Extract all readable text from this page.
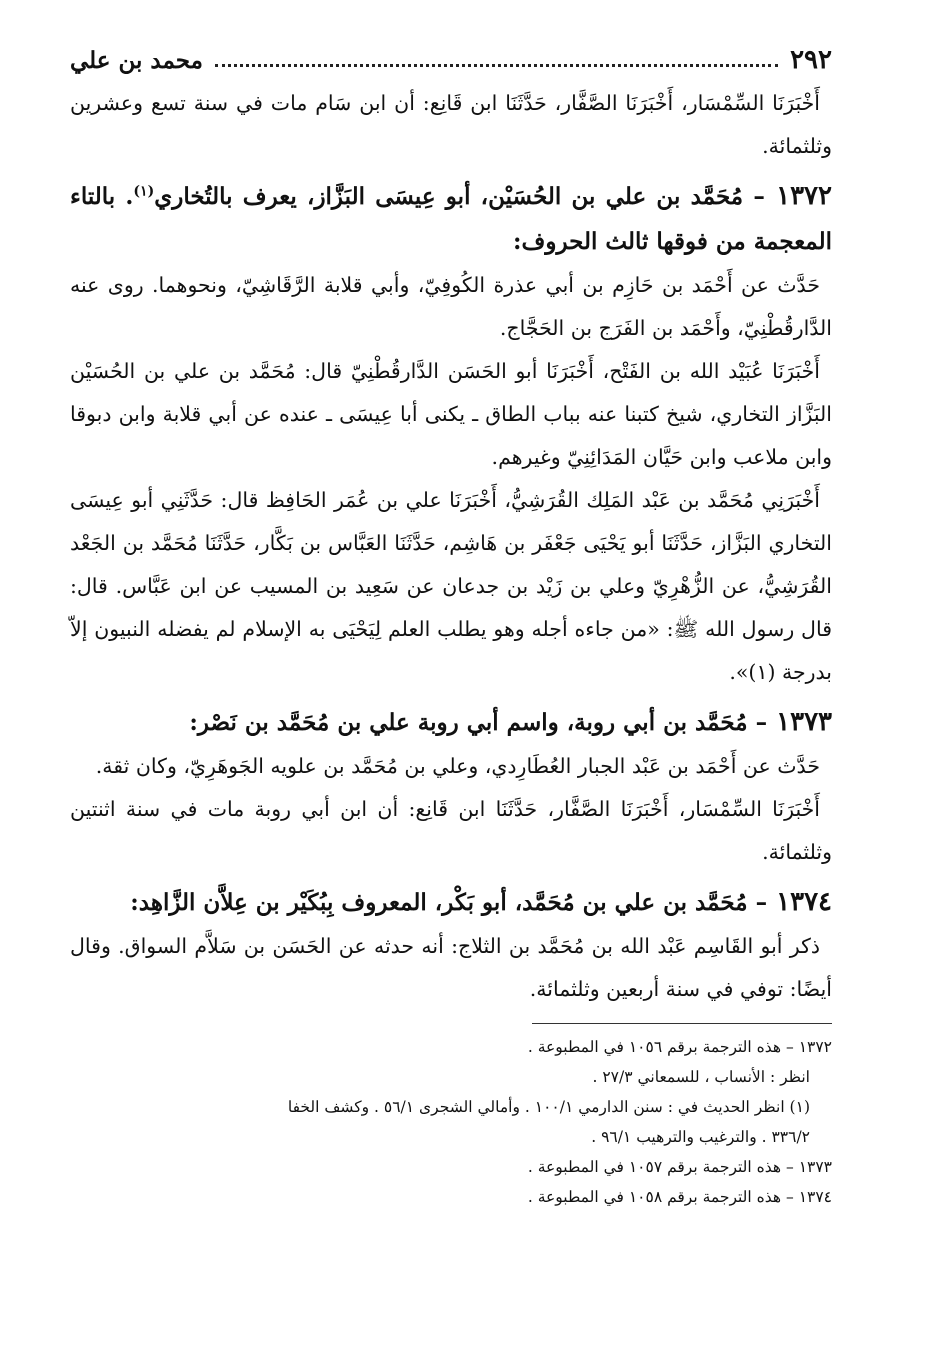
٢٩٢
محمد بن علي

أَخْبَرَنَا السِّمْسَار، أَخْبَرَنَا الصَّفَّار، حَدَّثَنَا ابن قَانِع: أن ابن سَام مات في سنة تسع وعشرين وثلثمائة.

١٣٧٢ – مُحَمَّد بن علي بن الحُسَيْن، أبو عِيسَى البَزَّاز، يعرف بالتُخاري$^{(١)}$. بالتاء المعجمة من فوقها ثالث الحروف:

حَدَّث عن أَحْمَد بن حَازِم بن أبي عذرة الكُوفِيّ، وأبي قلابة الرَّقَاشِيّ، ونحوهما. روى عنه الدَّارقُطْنِيّ، وأَحْمَد بن الفَرَج بن الحَجَّاج.

أَخْبَرَنَا عُبَيْد الله بن الفَتْح، أَخْبَرَنَا أبو الحَسَن الدَّارقُطْنِيّ قال: مُحَمَّد بن علي بن الحُسَيْن البَزَّاز التخاري، شيخ كتبنا عنه بباب الطاق ـ يكنى أبا عِيسَى ـ عنده عن أبي قلابة وابن دبوقا وابن ملاعب وابن حَيَّان المَدَائِنِيّ وغيرهم.

أَخْبَرَنِي مُحَمَّد بن عَبْد المَلِك القُرَشِيُّ، أَخْبَرَنَا علي بن عُمَر الحَافِظ قال: حَدَّثَنِي أبو عِيسَى التخاري البَزَّاز، حَدَّثَنَا أبو يَحْيَى جَعْفَر بن هَاشِم، حَدَّثَنَا العَبَّاس بن بَكَّار، حَدَّثَنَا مُحَمَّد بن الجَعْد القُرَشِيُّ، عن الزُّهْرِيّ وعلي بن زَيْد بن جدعان عن سَعِيد بن المسيب عن ابن عَبَّاس. قال: قال رسول الله ﷺ: «من جاءه أجله وهو يطلب العلم لِيَحْيَى به الإسلام لم يفضله النبيون إلاّ بدرجة (١)».

١٣٧٣ – مُحَمَّد بن أبي روبة، واسم أبي روبة علي بن مُحَمَّد بن نَصْر:

حَدَّث عن أَحْمَد بن عَبْد الجبار العُطَارِدي، وعلي بن مُحَمَّد بن علويه الجَوهَرِيّ، وكان ثقة.

أَخْبَرَنَا السِّمْسَار، أَخْبَرَنَا الصَّفَّار، حَدَّثَنَا ابن قَانِع: أن ابن أبي روبة مات في سنة اثنتين وثلثمائة.

١٣٧٤ – مُحَمَّد بن علي بن مُحَمَّد، أبو بَكْر، المعروف بِبُكَيْر بن عِلاَّن الزَّاهِد:

ذكر أبو القَاسِم عَبْد الله بن مُحَمَّد بن الثلاج: أنه حدثه عن الحَسَن بن سَلاَّم السواق. وقال أيضًا: توفي في سنة أربعين وثلثمائة.

١٣٧٢ – هذه الترجمة برقم ١٠٥٦ في المطبوعة .
انظر : الأنساب ، للسمعاني ٢٧/٣ .
(١) انظر الحديث في : سنن الدارمي ١٠٠/١ . وأمالي الشجرى ٥٦/١ . وكشف الخفا
٣٣٦/٢ . والترغيب والترهيب ٩٦/١ .
١٣٧٣ – هذه الترجمة برقم ١٠٥٧ في المطبوعة .
١٣٧٤ – هذه الترجمة برقم ١٠٥٨ في المطبوعة .
